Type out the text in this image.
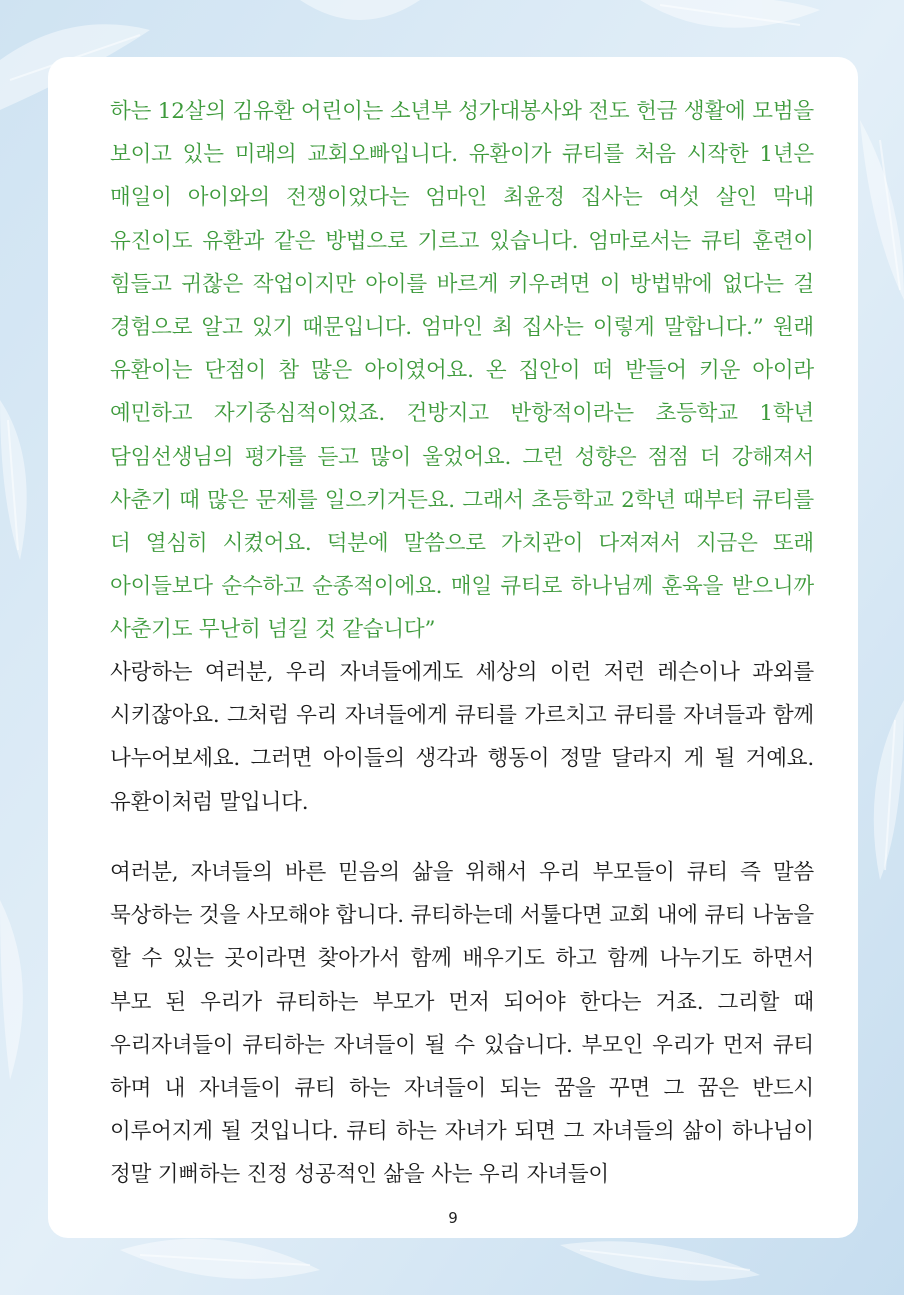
하는 12살의 김유환 어린이는 소년부 성가대봉사와 전도 헌금 생활에 모범을 보이고 있는 미래의 교회오빠입니다. 유환이가 큐티를 처음 시작한 1년은 매일이 아이와의 전쟁이었다는 엄마인 최윤정 집사는 여섯 살인 막내 유진이도 유환과 같은 방법으로 기르고 있습니다. 엄마로서는 큐티 훈련이 힘들고 귀찮은 작업이지만 아이를 바르게 키우려면 이 방법밖에 없다는 걸 경험으로 알고 있기 때문입니다. 엄마인 최 집사는 이렇게 말합니다.” 원래 유환이는 단점이 참 많은 아이였어요. 온 집안이 떠 받들어 키운 아이라 예민하고 자기중심적이었죠. 건방지고 반항적이라는 초등학교 1학년 담임선생님의 평가를 듣고 많이 울었어요. 그런 성향은 점점 더 강해져서 사춘기 때 많은 문제를 일으키거든요. 그래서 초등학교 2학년 때부터 큐티를 더 열심히 시켰어요. 덕분에 말씀으로 가치관이 다져져서 지금은 또래 아이들보다 순수하고 순종적이에요. 매일 큐티로 하나님께 훈육을 받으니까 사춘기도 무난히 넘길 것 같습니다”

사랑하는 여러분, 우리 자녀들에게도 세상의 이런 저런 레슨이나 과외를 시키잖아요. 그처럼 우리 자녀들에게 큐티를 가르치고 큐티를 자녀들과 함께 나누어보세요. 그러면 아이들의 생각과 행동이 정말 달라지 게 될 거예요. 유환이처럼 말입니다.

여러분, 자녀들의 바른 믿음의 삶을 위해서 우리 부모들이 큐티 즉 말씀 묵상하는 것을 사모해야 합니다. 큐티하는데 서툴다면 교회 내에 큐티 나눔을 할 수 있는 곳이라면 찾아가서 함께 배우기도 하고 함께 나누기도 하면서 부모 된 우리가 큐티하는 부모가 먼저 되어야 한다는 거죠. 그리할 때 우리자녀들이 큐티하는 자녀들이 될 수 있습니다. 부모인 우리가 먼저 큐티 하며 내 자녀들이 큐티 하는 자녀들이 되는 꿈을 꾸면 그 꿈은 반드시 이루어지게 될 것입니다. 큐티 하는 자녀가 되면 그 자녀들의 삶이 하나님이 정말 기뻐하는 진정 성공적인 삶을 사는 우리 자녀들이

9
